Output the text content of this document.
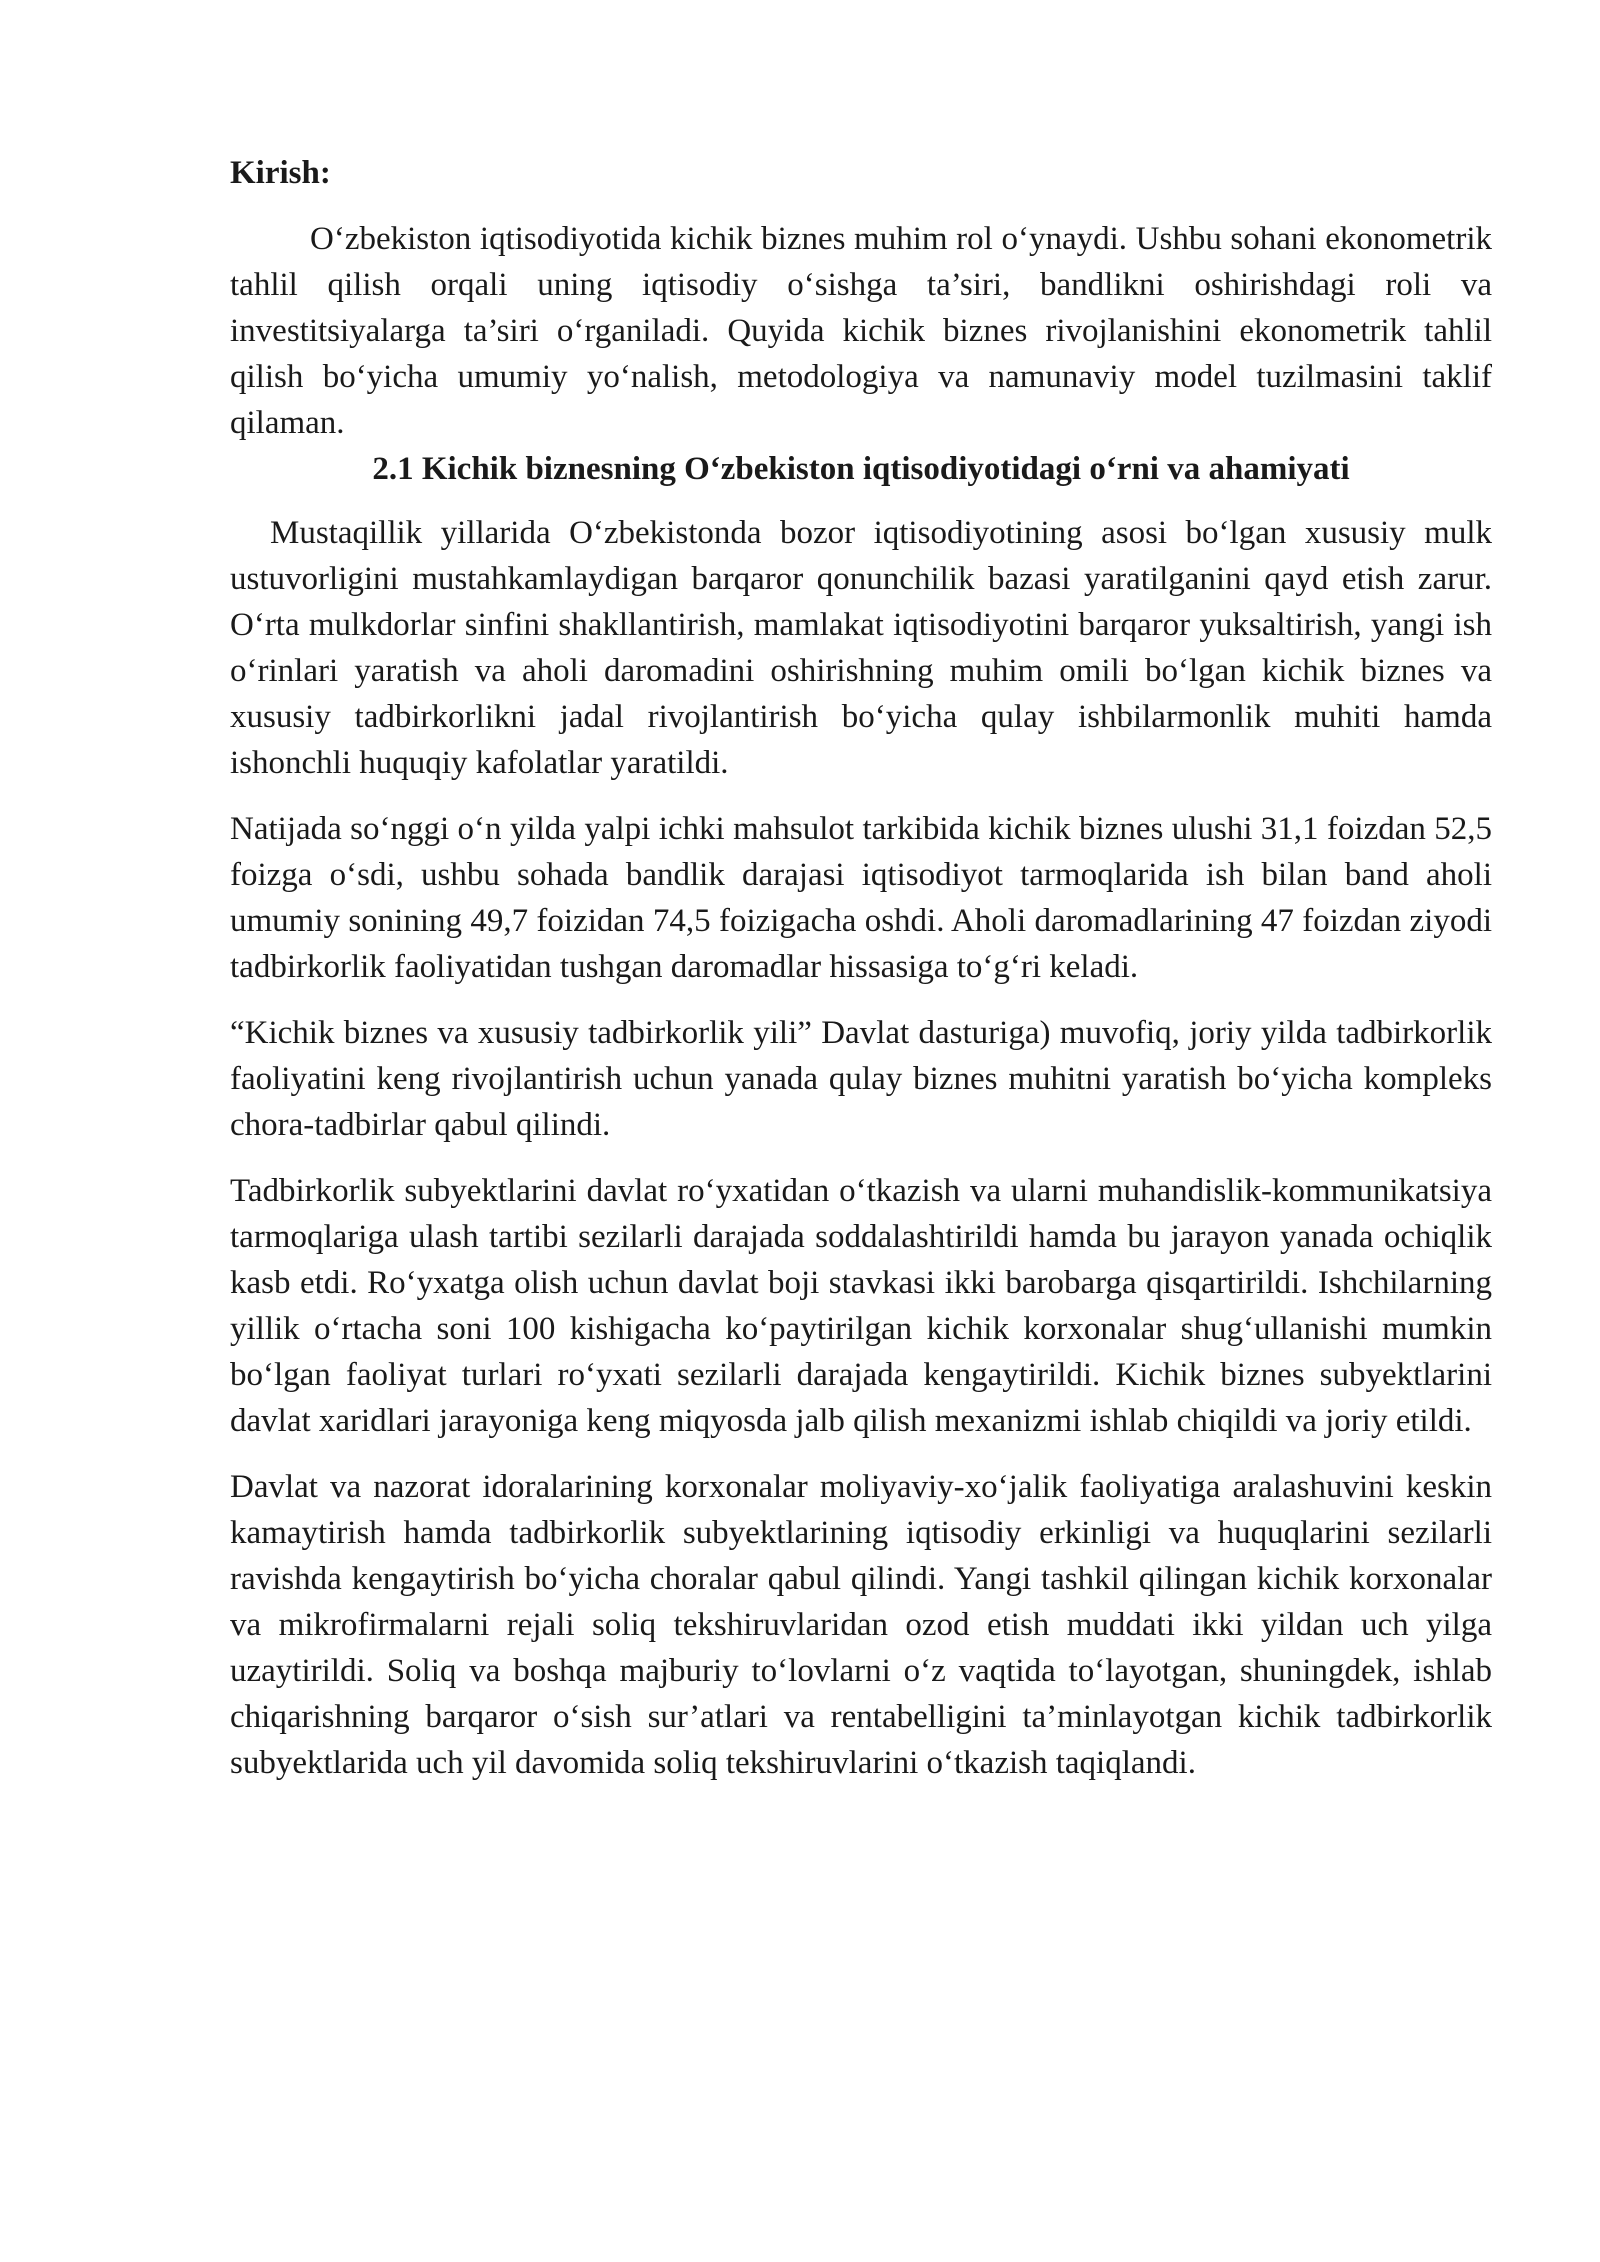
Kirish:

O‘zbekiston iqtisodiyotida kichik biznes muhim rol o‘ynaydi. Ushbu sohani ekonometrik tahlil qilish orqali uning iqtisodiy o‘sishga ta’siri, bandlikni oshirishdagi roli va investitsiyalarga ta’siri o‘rganiladi. Quyida kichik biznes rivojlanishini ekonometrik tahlil qilish bo‘yicha umumiy yo‘nalish, metodologiya va namunaviy model tuzilmasini taklif qilaman.

2.1 Kichik biznesning O‘zbekiston iqtisodiyotidagi o‘rni va ahamiyati

Mustaqillik yillarida O‘zbekistonda bozor iqtisodiyotining asosi bo‘lgan xususiy mulk ustuvorligini mustahkamlaydigan barqaror qonunchilik bazasi yaratilganini qayd etish zarur. O‘rta mulkdorlar sinfini shakllantirish, mamlakat iqtisodiyotini barqaror yuksaltirish, yangi ish o‘rinlari yaratish va aholi daromadini oshirishning muhim omili bo‘lgan kichik biznes va xususiy tadbirkorlikni jadal rivojlantirish bo‘yicha qulay ishbilarmonlik muhiti hamda ishonchli huquqiy kafolatlar yaratildi.

Natijada so‘nggi o‘n yilda yalpi ichki mahsulot tarkibida kichik biznes ulushi 31,1 foizdan 52,5 foizga o‘sdi, ushbu sohada bandlik darajasi iqtisodiyot tarmoqlarida ish bilan band aholi umumiy sonining 49,7 foizidan 74,5 foizigacha oshdi. Aholi daromadlarining 47 foizdan ziyodi tadbirkorlik faoliyatidan tushgan daromadlar hissasiga to‘g‘ri keladi.

“Kichik biznes va xususiy tadbirkorlik yili” Davlat dasturiga) muvofiq, joriy yilda tadbirkorlik faoliyatini keng rivojlantirish uchun yanada qulay biznes muhitni yaratish bo‘yicha kompleks chora-tadbirlar qabul qilindi.

Tadbirkorlik subyektlarini davlat ro‘yxatidan o‘tkazish va ularni muhandislik-kommunikatsiya tarmoqlariga ulash tartibi sezilarli darajada soddalashtirildi hamda bu jarayon yanada ochiqlik kasb etdi. Ro‘yxatga olish uchun davlat boji stavkasi ikki barobarga qisqartirildi. Ishchilarning yillik o‘rtacha soni 100 kishigacha ko‘paytirilgan kichik korxonalar shug‘ullanishi mumkin bo‘lgan faoliyat turlari ro‘yxati sezilarli darajada kengaytirildi. Kichik biznes subyektlarini davlat xaridlari jarayoniga keng miqyosda jalb qilish mexanizmi ishlab chiqildi va joriy etildi.

Davlat va nazorat idoralarining korxonalar moliyaviy-xo‘jalik faoliyatiga aralashuvini keskin kamaytirish hamda tadbirkorlik subyektlarining iqtisodiy erkinligi va huquqlarini sezilarli ravishda kengaytirish bo‘yicha choralar qabul qilindi. Yangi tashkil qilingan kichik korxonalar va mikrofirmalarni rejali soliq tekshiruvlaridan ozod etish muddati ikki yildan uch yilga uzaytirildi. Soliq va boshqa majburiy to‘lovlarni o‘z vaqtida to‘layotgan, shuningdek, ishlab chiqarishning barqaror o‘sish sur’atlari va rentabelligini ta’minlayotgan kichik tadbirkorlik subyektlarida uch yil davomida soliq tekshiruvlarini o‘tkazish taqiqlandi.
